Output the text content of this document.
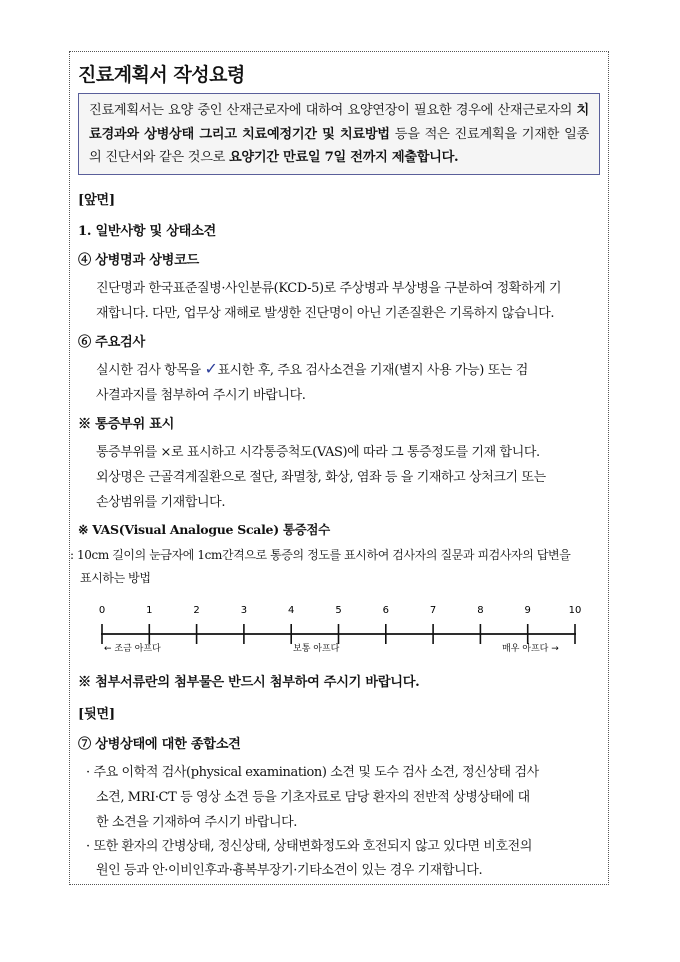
진료계획서 작성요령
진료계획서는 요양 중인 산재근로자에 대하여 요양연장이 필요한 경우에 산재근로자의 치료경과와 상병상태 그리고 치료예정기간 및 치료방법 등을 적은 진료계획을 기재한 일종의 진단서와 같은 것으로 요양기간 만료일 7일 전까지 제출합니다.
[앞면]
1. 일반사항 및 상태소견
④ 상병명과 상병코드
진단명과 한국표준질병·사인분류(KCD-5)로 주상병과 부상병을 구분하여 정확하게 기
재합니다. 다만, 업무상 재해로 발생한 진단명이 아닌 기존질환은 기록하지 않습니다.
⑥ 주요검사
실시한 검사 항목을 ✓표시한 후, 주요 검사소견을 기재(별지 사용 가능) 또는 검
사결과지를 첨부하여 주시기 바랍니다.
※ 통증부위 표시
통증부위를 ×로 표시하고 시각통증척도(VAS)에 따라 그 통증정도를 기재 합니다.
외상명은 근골격계질환으로 절단, 좌멸창, 화상, 염좌 등 을 기재하고 상처크기 또는
손상범위를 기재합니다.
※ VAS(Visual Analogue Scale) 통증점수
: 10cm 길이의 눈금자에 1cm간격으로 통증의 정도를 표시하여 검사자의 질문과 피검사자의 답변을
표시하는 방법
0	1	2	3	4	5	6	7	8	9	10
← 조금 아프다	보통 아프다	매우 아프다 →
※ 첨부서류란의 첨부물은 반드시 첨부하여 주시기 바랍니다.
[뒷면]
⑦ 상병상태에 대한 종합소견
· 주요 이학적 검사(physical examination) 소견 및 도수 검사 소견, 정신상태 검사
소견, MRI·CT 등 영상 소견 등을 기초자료로 담당 환자의 전반적 상병상태에 대
한 소견을 기재하여 주시기 바랍니다.
· 또한 환자의 간병상태, 정신상태, 상태변화정도와 호전되지 않고 있다면 비호전의
원인 등과 안·이비인후과·흉복부장기·기타소견이 있는 경우 기재합니다.
